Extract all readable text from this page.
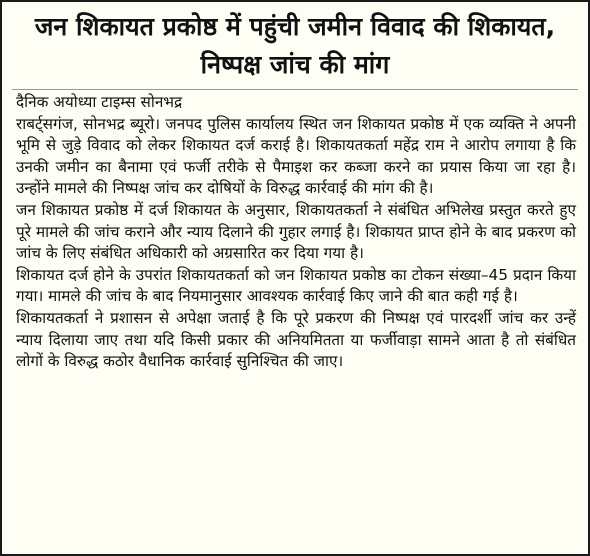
जन शिकायत प्रकोष्ठ में पहुंची जमीन विवाद की शिकायत, निष्पक्ष जांच की मांग

दैनिक अयोध्या टाइम्स सोनभद्र

राबर्ट्सगंज, सोनभद्र ब्यूरो। जनपद पुलिस कार्यालय स्थित जन शिकायत प्रकोष्ठ में एक व्यक्ति ने अपनी भूमि से जुड़े विवाद को लेकर शिकायत दर्ज कराई है। शिकायतकर्ता महेंद्र राम ने आरोप लगाया है कि उनकी जमीन का बैनामा एवं फर्जी तरीके से पैमाइश कर कब्जा करने का प्रयास किया जा रहा है। उन्होंने मामले की निष्पक्ष जांच कर दोषियों के विरुद्ध कार्रवाई की मांग की है।

जन शिकायत प्रकोष्ठ में दर्ज शिकायत के अनुसार, शिकायतकर्ता ने संबंधित अभिलेख प्रस्तुत करते हुए पूरे मामले की जांच कराने और न्याय दिलाने की गुहार लगाई है। शिकायत प्राप्त होने के बाद प्रकरण को जांच के लिए संबंधित अधिकारी को अग्रसारित कर दिया गया है।

शिकायत दर्ज होने के उपरांत शिकायतकर्ता को जन शिकायत प्रकोष्ठ का टोकन संख्या–45 प्रदान किया गया। मामले की जांच के बाद नियमानुसार आवश्यक कार्रवाई किए जाने की बात कही गई है।

शिकायतकर्ता ने प्रशासन से अपेक्षा जताई है कि पूरे प्रकरण की निष्पक्ष एवं पारदर्शी जांच कर उन्हें न्याय दिलाया जाए तथा यदि किसी प्रकार की अनियमितता या फर्जीवाड़ा सामने आता है तो संबंधित लोगों के विरुद्ध कठोर वैधानिक कार्रवाई सुनिश्चित की जाए।
